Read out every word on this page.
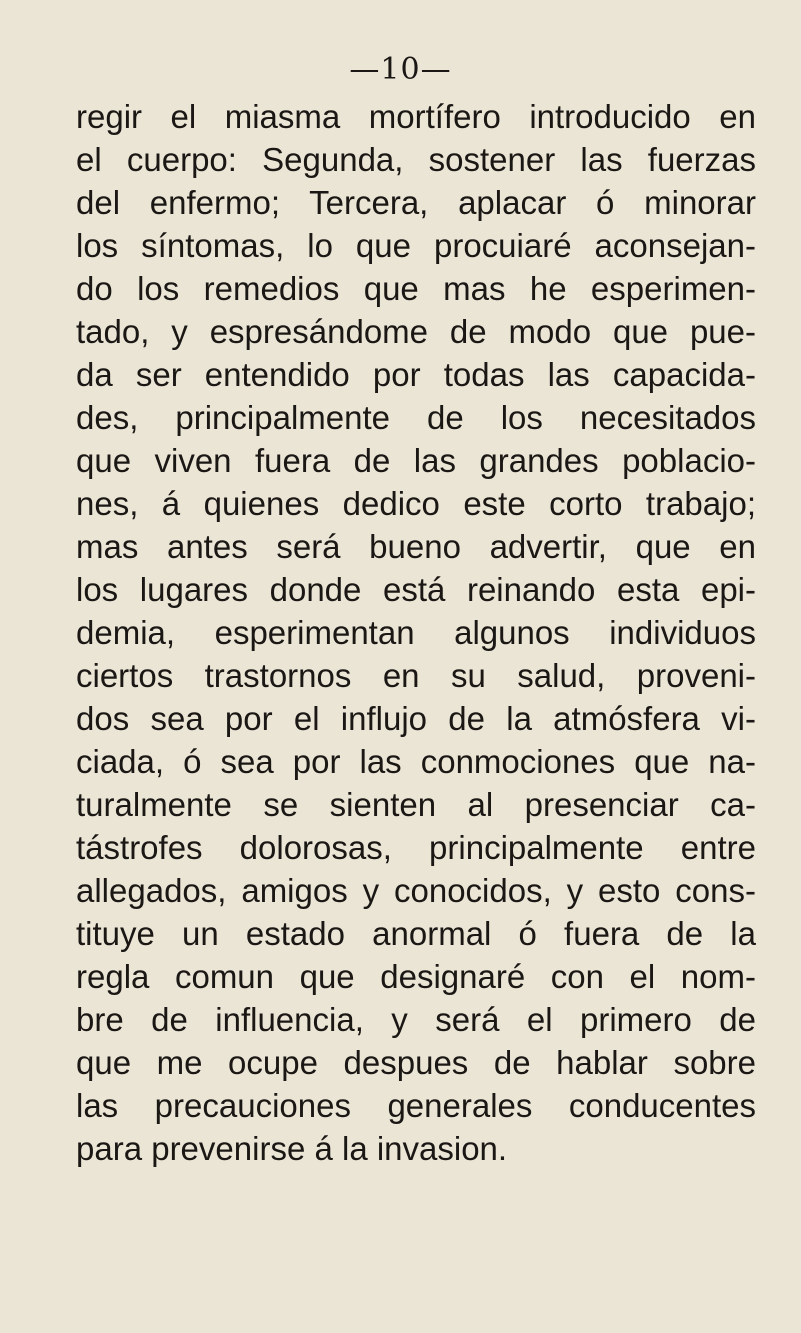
—10—
regir el miasma mortífero introducido en
el cuerpo: Segunda, sostener las fuerzas
del enfermo; Tercera, aplacar ó minorar
los síntomas, lo que procuiaré aconsejan-
do los remedios que mas he esperimen-
tado, y espresándome de modo que pue-
da ser entendido por todas las capacida-
des, principalmente de los necesitados
que viven fuera de las grandes poblacio-
nes, á quienes dedico este corto trabajo;
mas antes será bueno advertir, que en
los lugares donde está reinando esta epi-
demia, esperimentan algunos individuos
ciertos trastornos en su salud, proveni-
dos sea por el influjo de la atmósfera vi-
ciada, ó sea por las conmociones que na-
turalmente se sienten al presenciar ca-
tástrofes dolorosas, principalmente entre
allegados, amigos y conocidos, y esto cons-
tituye un estado anormal ó fuera de la
regla comun que designaré con el nom-
bre de influencia, y será el primero de
que me ocupe despues de hablar sobre
las precauciones generales conducentes
para prevenirse á la invasion.
